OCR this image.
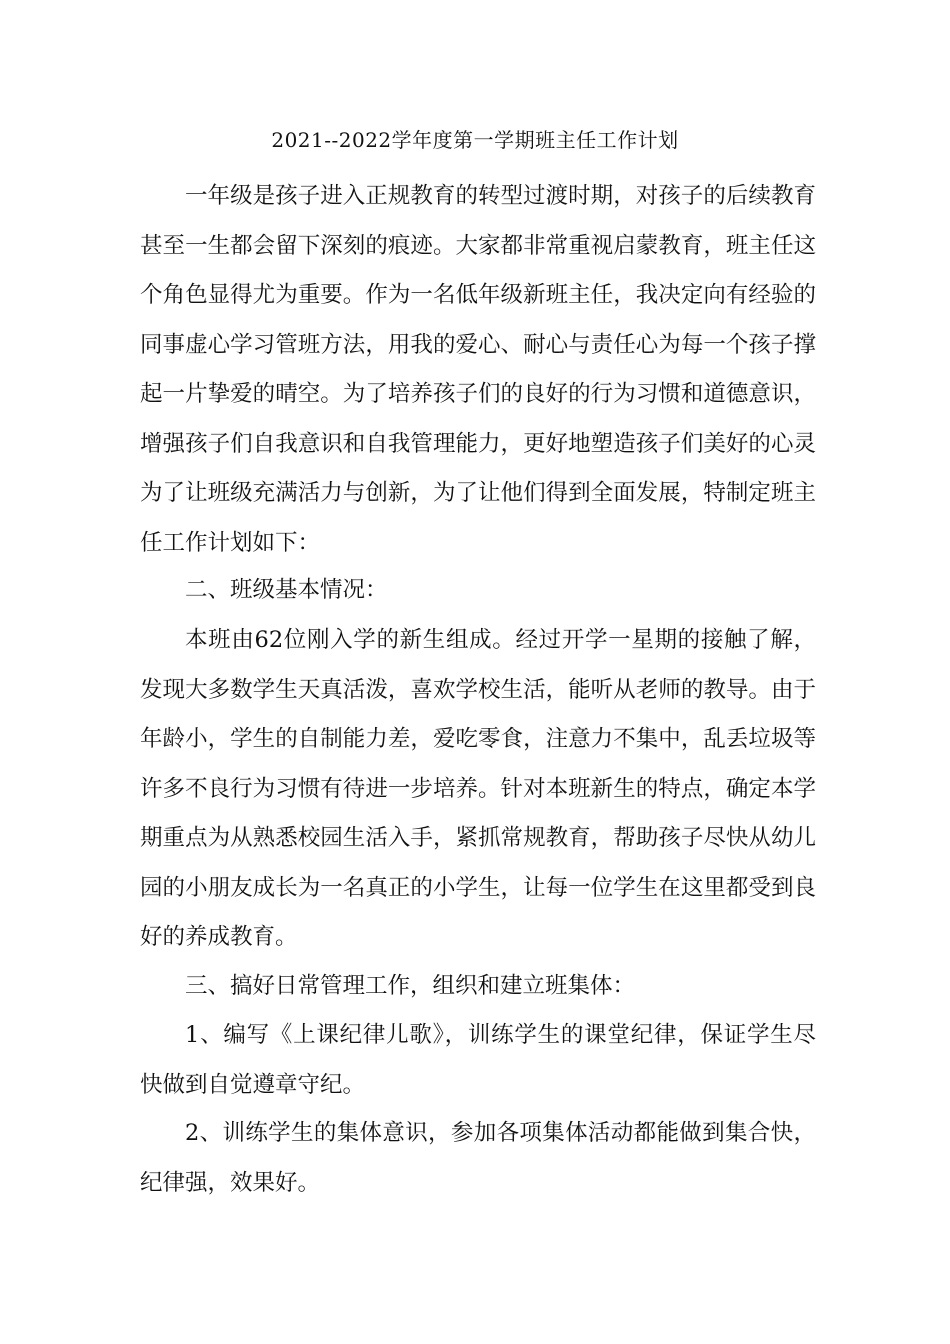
2021--2022学年度第一学期班主任工作计划

一年级是孩子进入正规教育的转型过渡时期，对孩子的后续教育甚至一生都会留下深刻的痕迹。大家都非常重视启蒙教育，班主任这个角色显得尤为重要。作为一名低年级新班主任，我决定向有经验的同事虚心学习管班方法，用我的爱心、耐心与责任心为每一个孩子撑起一片挚爱的晴空。为了培养孩子们的良好的行为习惯和道德意识，增强孩子们自我意识和自我管理能力，更好地塑造孩子们美好的心灵为了让班级充满活力与创新，为了让他们得到全面发展，特制定班主任工作计划如下：

二、班级基本情况：

本班由62位刚入学的新生组成。经过开学一星期的接触了解，发现大多数学生天真活泼，喜欢学校生活，能听从老师的教导。由于年龄小，学生的自制能力差，爱吃零食，注意力不集中，乱丢垃圾等许多不良行为习惯有待进一步培养。针对本班新生的特点，确定本学期重点为从熟悉校园生活入手，紧抓常规教育，帮助孩子尽快从幼儿园的小朋友成长为一名真正的小学生，让每一位学生在这里都受到良好的养成教育。

三、搞好日常管理工作，组织和建立班集体：

1、编写《上课纪律儿歌》，训练学生的课堂纪律，保证学生尽快做到自觉遵章守纪。

2、训练学生的集体意识，参加各项集体活动都能做到集合快，纪律强，效果好。
